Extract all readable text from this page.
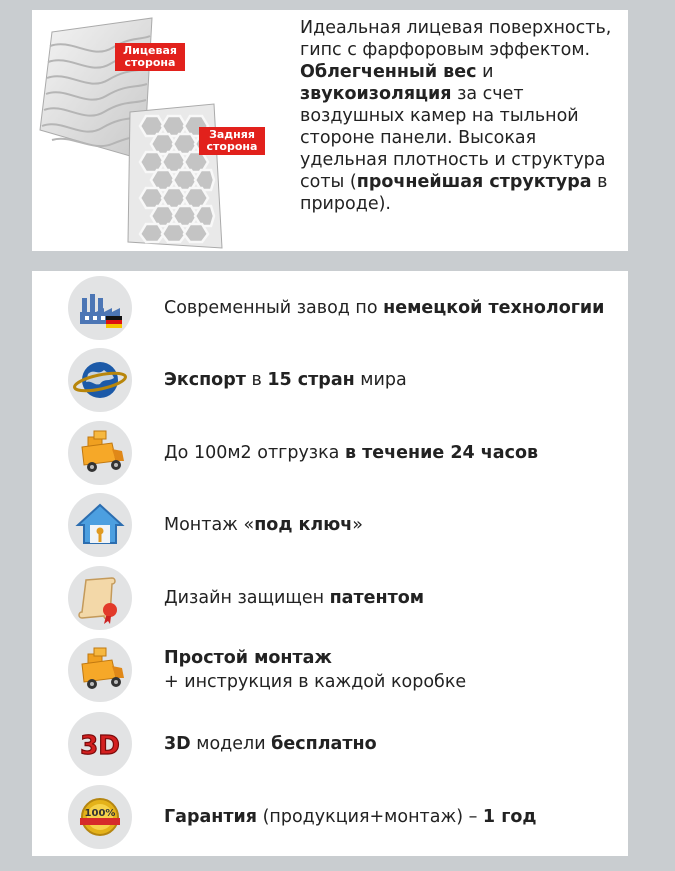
Лицевая сторона
Задняя сторона
Идеальная лицевая поверхность, гипс с фарфоровым эффектом. Облегченный вес и звукоизоляция за счет воздушных камер на тыльной стороне панели. Высокая удельная плотность и структура соты (прочнейшая структура в природе).
Современный завод по немецкой технологии
Экспорт в 15 стран мира
До 100м2 отгрузка в течение 24 часов
Монтаж «под ключ»
Дизайн защищен патентом
Простой монтаж
+ инструкция в каждой коробке
3D	3D модели бесплатно
100%	Гарантия (продукция+монтаж) – 1 год
